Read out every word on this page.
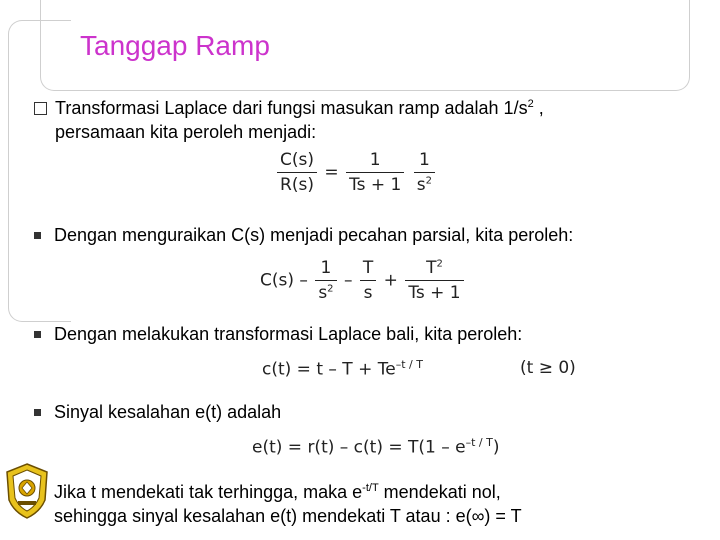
Tanggap Ramp
Transformasi Laplace dari fungsi masukan ramp adalah $1/s^2$ ,
persamaan kita peroleh menjadi:
$\frac{C(s)}{R(s)} = \frac{1}{Ts + 1}$
$\frac{1}{s^2}$
Dengan menguraikan C(s) menjadi pecahan parsial, kita peroleh:
$C(s) - \frac{1}{s^2} - \frac{T}{s} + \frac{T^2}{Ts + 1}$
Dengan melakukan transformasi Laplace bali, kita peroleh:
$c(t) = t - T + Te^{-t / T}$	(t ≥ 0)
Sinyal kesalahan e(t) adalah
$e(t) = r(t) - c(t) = T(1 - e^{-t / T})$
Jika t mendekati tak terhingga, maka $e^{-t/T}$ mendekati nol,
sehingga sinyal kesalahan e(t) mendekati T atau : e(∞) = T
